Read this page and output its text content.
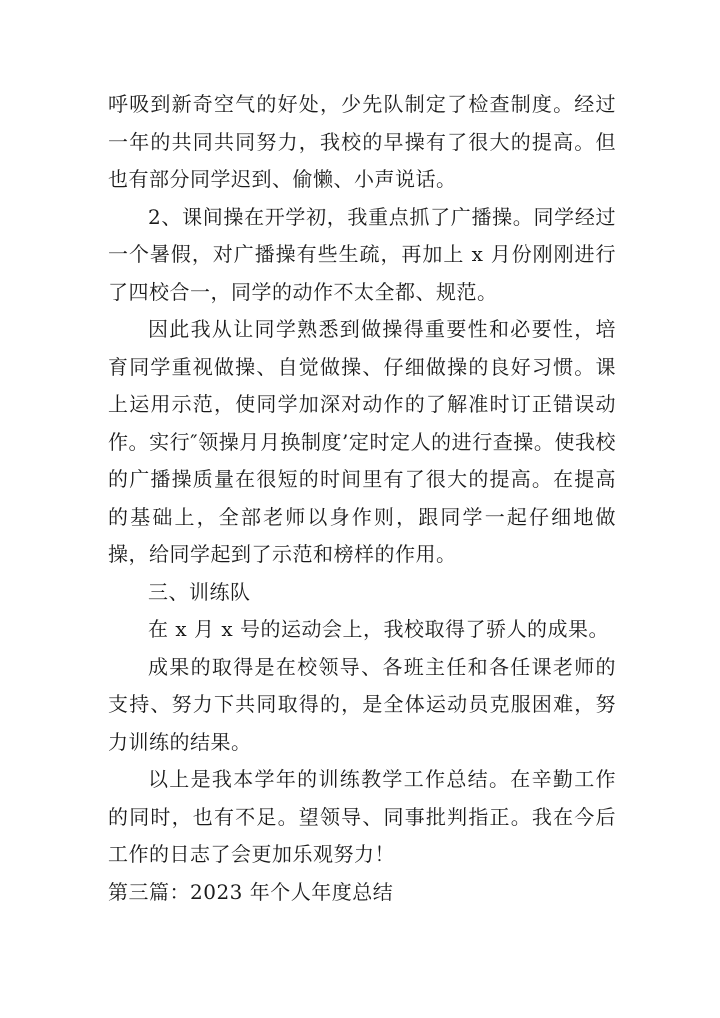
呼吸到新奇空气的好处，少先队制定了检查制度。经过一年的共同共同努力，我校的早操有了很大的提高。但也有部分同学迟到、偷懒、小声说话。

2、课间操在开学初，我重点抓了广播操。同学经过一个暑假，对广播操有些生疏，再加上 x 月份刚刚进行了四校合一，同学的动作不太全都、规范。

因此我从让同学熟悉到做操得重要性和必要性，培育同学重视做操、自觉做操、仔细做操的良好习惯。课上运用示范，使同学加深对动作的了解准时订正错误动作。实行″领操月月换制度’定时定人的进行查操。使我校的广播操质量在很短的时间里有了很大的提高。在提高的基础上，全部老师以身作则，跟同学一起仔细地做操，给同学起到了示范和榜样的作用。

三、训练队

在 x 月 x 号的运动会上，我校取得了骄人的成果。

成果的取得是在校领导、各班主任和各任课老师的支持、努力下共同取得的，是全体运动员克服困难，努力训练的结果。

以上是我本学年的训练教学工作总结。在辛勤工作的同时，也有不足。望领导、同事批判指正。我在今后工作的日志了会更加乐观努力！

第三篇：2023 年个人年度总结
